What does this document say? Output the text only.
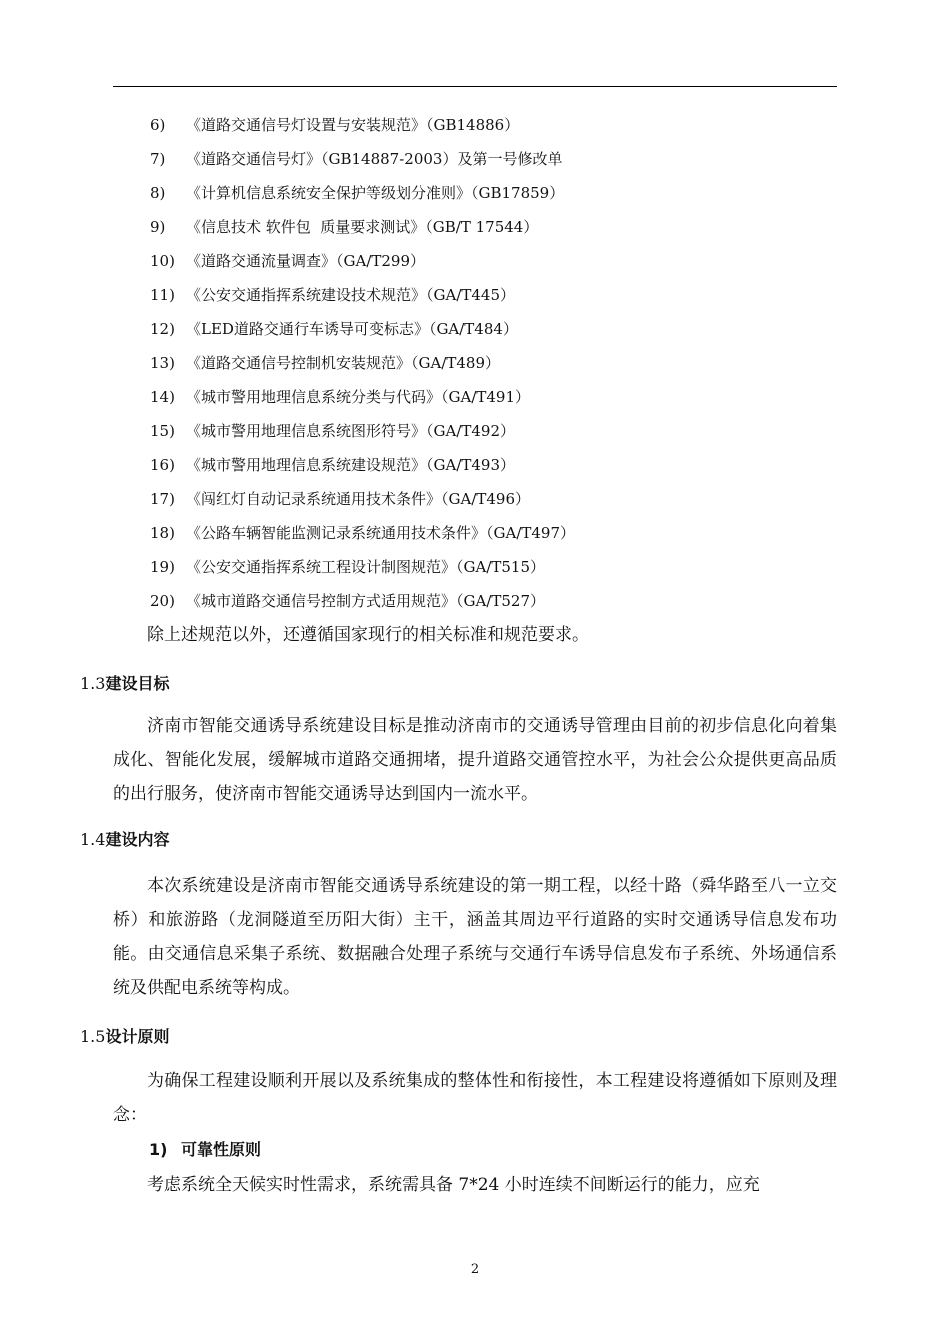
6) 《道路交通信号灯设置与安装规范》（GB14886）
7) 《道路交通信号灯》（GB14887-2003）及第一号修改单
8) 《计算机信息系统安全保护等级划分准则》（GB17859）
9) 《信息技术 软件包  质量要求测试》（GB/T 17544）
10) 《道路交通流量调查》（GA/T299）
11) 《公安交通指挥系统建设技术规范》（GA/T445）
12) 《LED道路交通行车诱导可变标志》（GA/T484）
13) 《道路交通信号控制机安装规范》（GA/T489）
14) 《城市警用地理信息系统分类与代码》（GA/T491）
15) 《城市警用地理信息系统图形符号》（GA/T492）
16) 《城市警用地理信息系统建设规范》（GA/T493）
17) 《闯红灯自动记录系统通用技术条件》（GA/T496）
18) 《公路车辆智能监测记录系统通用技术条件》（GA/T497）
19) 《公安交通指挥系统工程设计制图规范》（GA/T515）
20) 《城市道路交通信号控制方式适用规范》（GA/T527）

除上述规范以外，还遵循国家现行的相关标准和规范要求。

1.3建设目标

济南市智能交通诱导系统建设目标是推动济南市的交通诱导管理由目前的初步信息化向着集成化、智能化发展，缓解城市道路交通拥堵，提升道路交通管控水平，为社会公众提供更高品质的出行服务，使济南市智能交通诱导达到国内一流水平。

1.4建设内容

本次系统建设是济南市智能交通诱导系统建设的第一期工程，以经十路（舜华路至八一立交桥）和旅游路（龙洞隧道至历阳大街）主干，涵盖其周边平行道路的实时交通诱导信息发布功能。由交通信息采集子系统、数据融合处理子系统与交通行车诱导信息发布子系统、外场通信系统及供配电系统等构成。

1.5设计原则

为确保工程建设顺利开展以及系统集成的整体性和衔接性，本工程建设将遵循如下原则及理念：

1) 可靠性原则

考虑系统全天候实时性需求，系统需具备 7*24 小时连续不间断运行的能力，应充

2
